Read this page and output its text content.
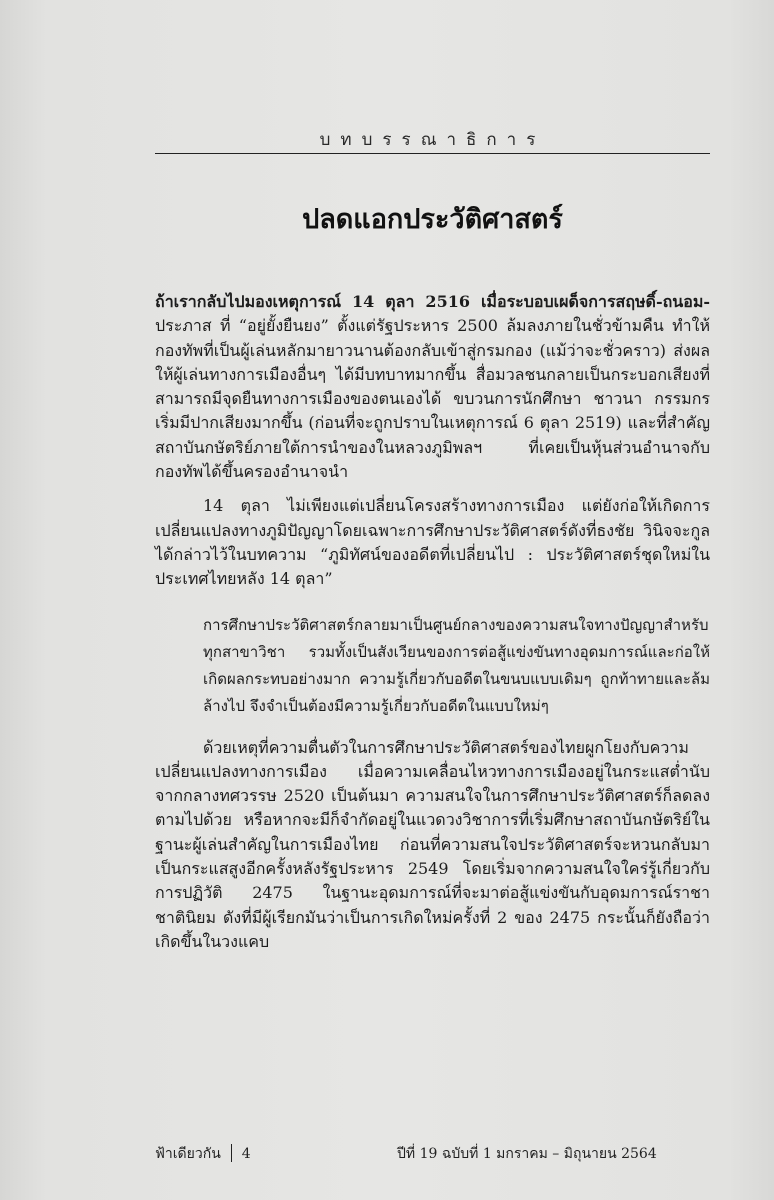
บทบรรณาธิการ
ปลดแอกประวัติศาสตร์

ถ้าเรากลับไปมองเหตุการณ์ 14 ตุลา 2516 เมื่อระบอบเผด็จการสฤษดิ์-ถนอม-ประภาส ที่ “อยู่ยั้งยืนยง” ตั้งแต่รัฐประหาร 2500 ล้มลงภายในชั่วข้ามคืน ทำให้กองทัพที่เป็นผู้เล่นหลักมายาวนานต้องกลับเข้าสู่กรมกอง (แม้ว่าจะชั่วคราว) ส่งผลให้ผู้เล่นทางการเมืองอื่นๆ ได้มีบทบาทมากขึ้น สื่อมวลชนกลายเป็นกระบอกเสียงที่สามารถมีจุดยืนทางการเมืองของตนเองได้ ขบวนการนักศึกษา ชาวนา กรรมกรเริ่มมีปากเสียงมากขึ้น (ก่อนที่จะถูกปราบในเหตุการณ์ 6 ตุลา 2519) และที่สำคัญสถาบันกษัตริย์ภายใต้การนำของในหลวงภูมิพลฯ ที่เคยเป็นหุ้นส่วนอำนาจกับกองทัพได้ขึ้นครองอำนาจนำ

14 ตุลา ไม่เพียงแต่เปลี่ยนโครงสร้างทางการเมือง แต่ยังก่อให้เกิดการเปลี่ยนแปลงทางภูมิปัญญาโดยเฉพาะการศึกษาประวัติศาสตร์ดังที่ธงชัย วินิจจะกูล ได้กล่าวไว้ในบทความ “ภูมิทัศน์ของอดีตที่เปลี่ยนไป : ประวัติศาสตร์ชุดใหม่ในประเทศไทยหลัง 14 ตุลา”

การศึกษาประวัติศาสตร์กลายมาเป็นศูนย์กลางของความสนใจทางปัญญาสำหรับทุกสาขาวิชา รวมทั้งเป็นสังเวียนของการต่อสู้แข่งขันทางอุดมการณ์และก่อให้เกิดผลกระทบอย่างมาก ความรู้เกี่ยวกับอดีตในขนบแบบเดิมๆ ถูกท้าทายและล้มล้างไป จึงจำเป็นต้องมีความรู้เกี่ยวกับอดีตในแบบใหม่ๆ

ด้วยเหตุที่ความตื่นตัวในการศึกษาประวัติศาสตร์ของไทยผูกโยงกับความเปลี่ยนแปลงทางการเมือง เมื่อความเคลื่อนไหวทางการเมืองอยู่ในกระแสต่ำนับจากกลางทศวรรษ 2520 เป็นต้นมา ความสนใจในการศึกษาประวัติศาสตร์ก็ลดลงตามไปด้วย หรือหากจะมีก็จำกัดอยู่ในแวดวงวิชาการที่เริ่มศึกษาสถาบันกษัตริย์ในฐานะผู้เล่นสำคัญในการเมืองไทย ก่อนที่ความสนใจประวัติศาสตร์จะหวนกลับมาเป็นกระแสสูงอีกครั้งหลังรัฐประหาร 2549 โดยเริ่มจากความสนใจใคร่รู้เกี่ยวกับการปฏิวัติ 2475 ในฐานะอุดมการณ์ที่จะมาต่อสู้แข่งขันกับอุดมการณ์ราชาชาตินิยม ดังที่มีผู้เรียกมันว่าเป็นการเกิดใหม่ครั้งที่ 2 ของ 2475 กระนั้นก็ยังถือว่าเกิดขึ้นในวงแคบ

ฟ้าเดียวกัน 4	ปีที่ 19 ฉบับที่ 1 มกราคม – มิถุนายน 2564
